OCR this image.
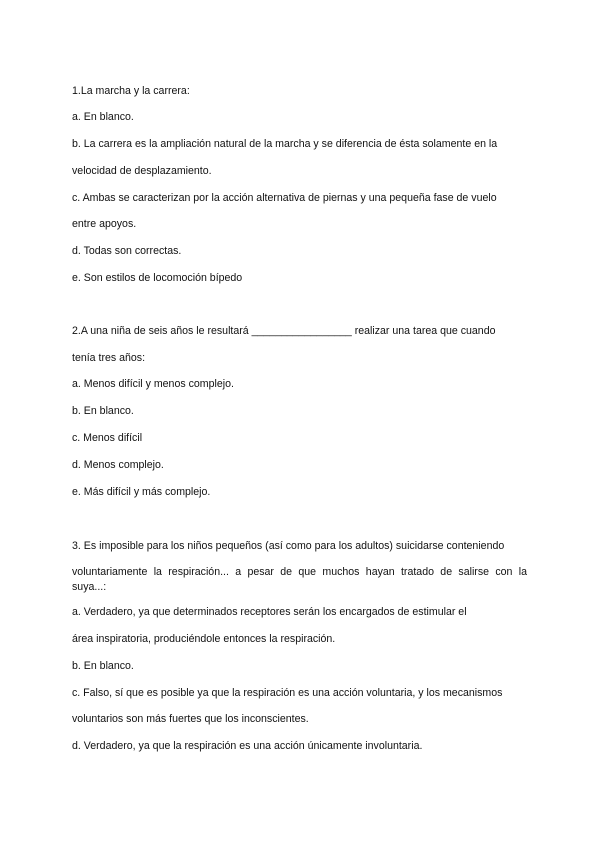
1.La marcha y la carrera:
a. En blanco.
b. La carrera es la ampliación natural de la marcha y se diferencia de ésta solamente en la
velocidad de desplazamiento.
c. Ambas se caracterizan por la acción alternativa de piernas y una pequeña fase de vuelo
entre apoyos.
d. Todas son correctas.
e. Son estilos de locomoción bípedo
2.A una niña de seis años le resultará _________________ realizar una tarea que cuando
tenía tres años:
a. Menos difícil y menos complejo.
b. En blanco.
c. Menos difícil
d. Menos complejo.
e. Más difícil y más complejo.
3. Es imposible para los niños pequeños (así como para los adultos) suicidarse conteniendo
voluntariamente la respiración... a pesar de que muchos hayan tratado de salirse con la
suya...:
a. Verdadero, ya que determinados receptores serán los encargados de estimular el
área inspiratoria, produciéndole entonces la respiración.
b. En blanco.
c. Falso, sí que es posible ya que la respiración es una acción voluntaria, y los mecanismos
voluntarios son más fuertes que los inconscientes.
d. Verdadero, ya que la respiración es una acción únicamente involuntaria.
